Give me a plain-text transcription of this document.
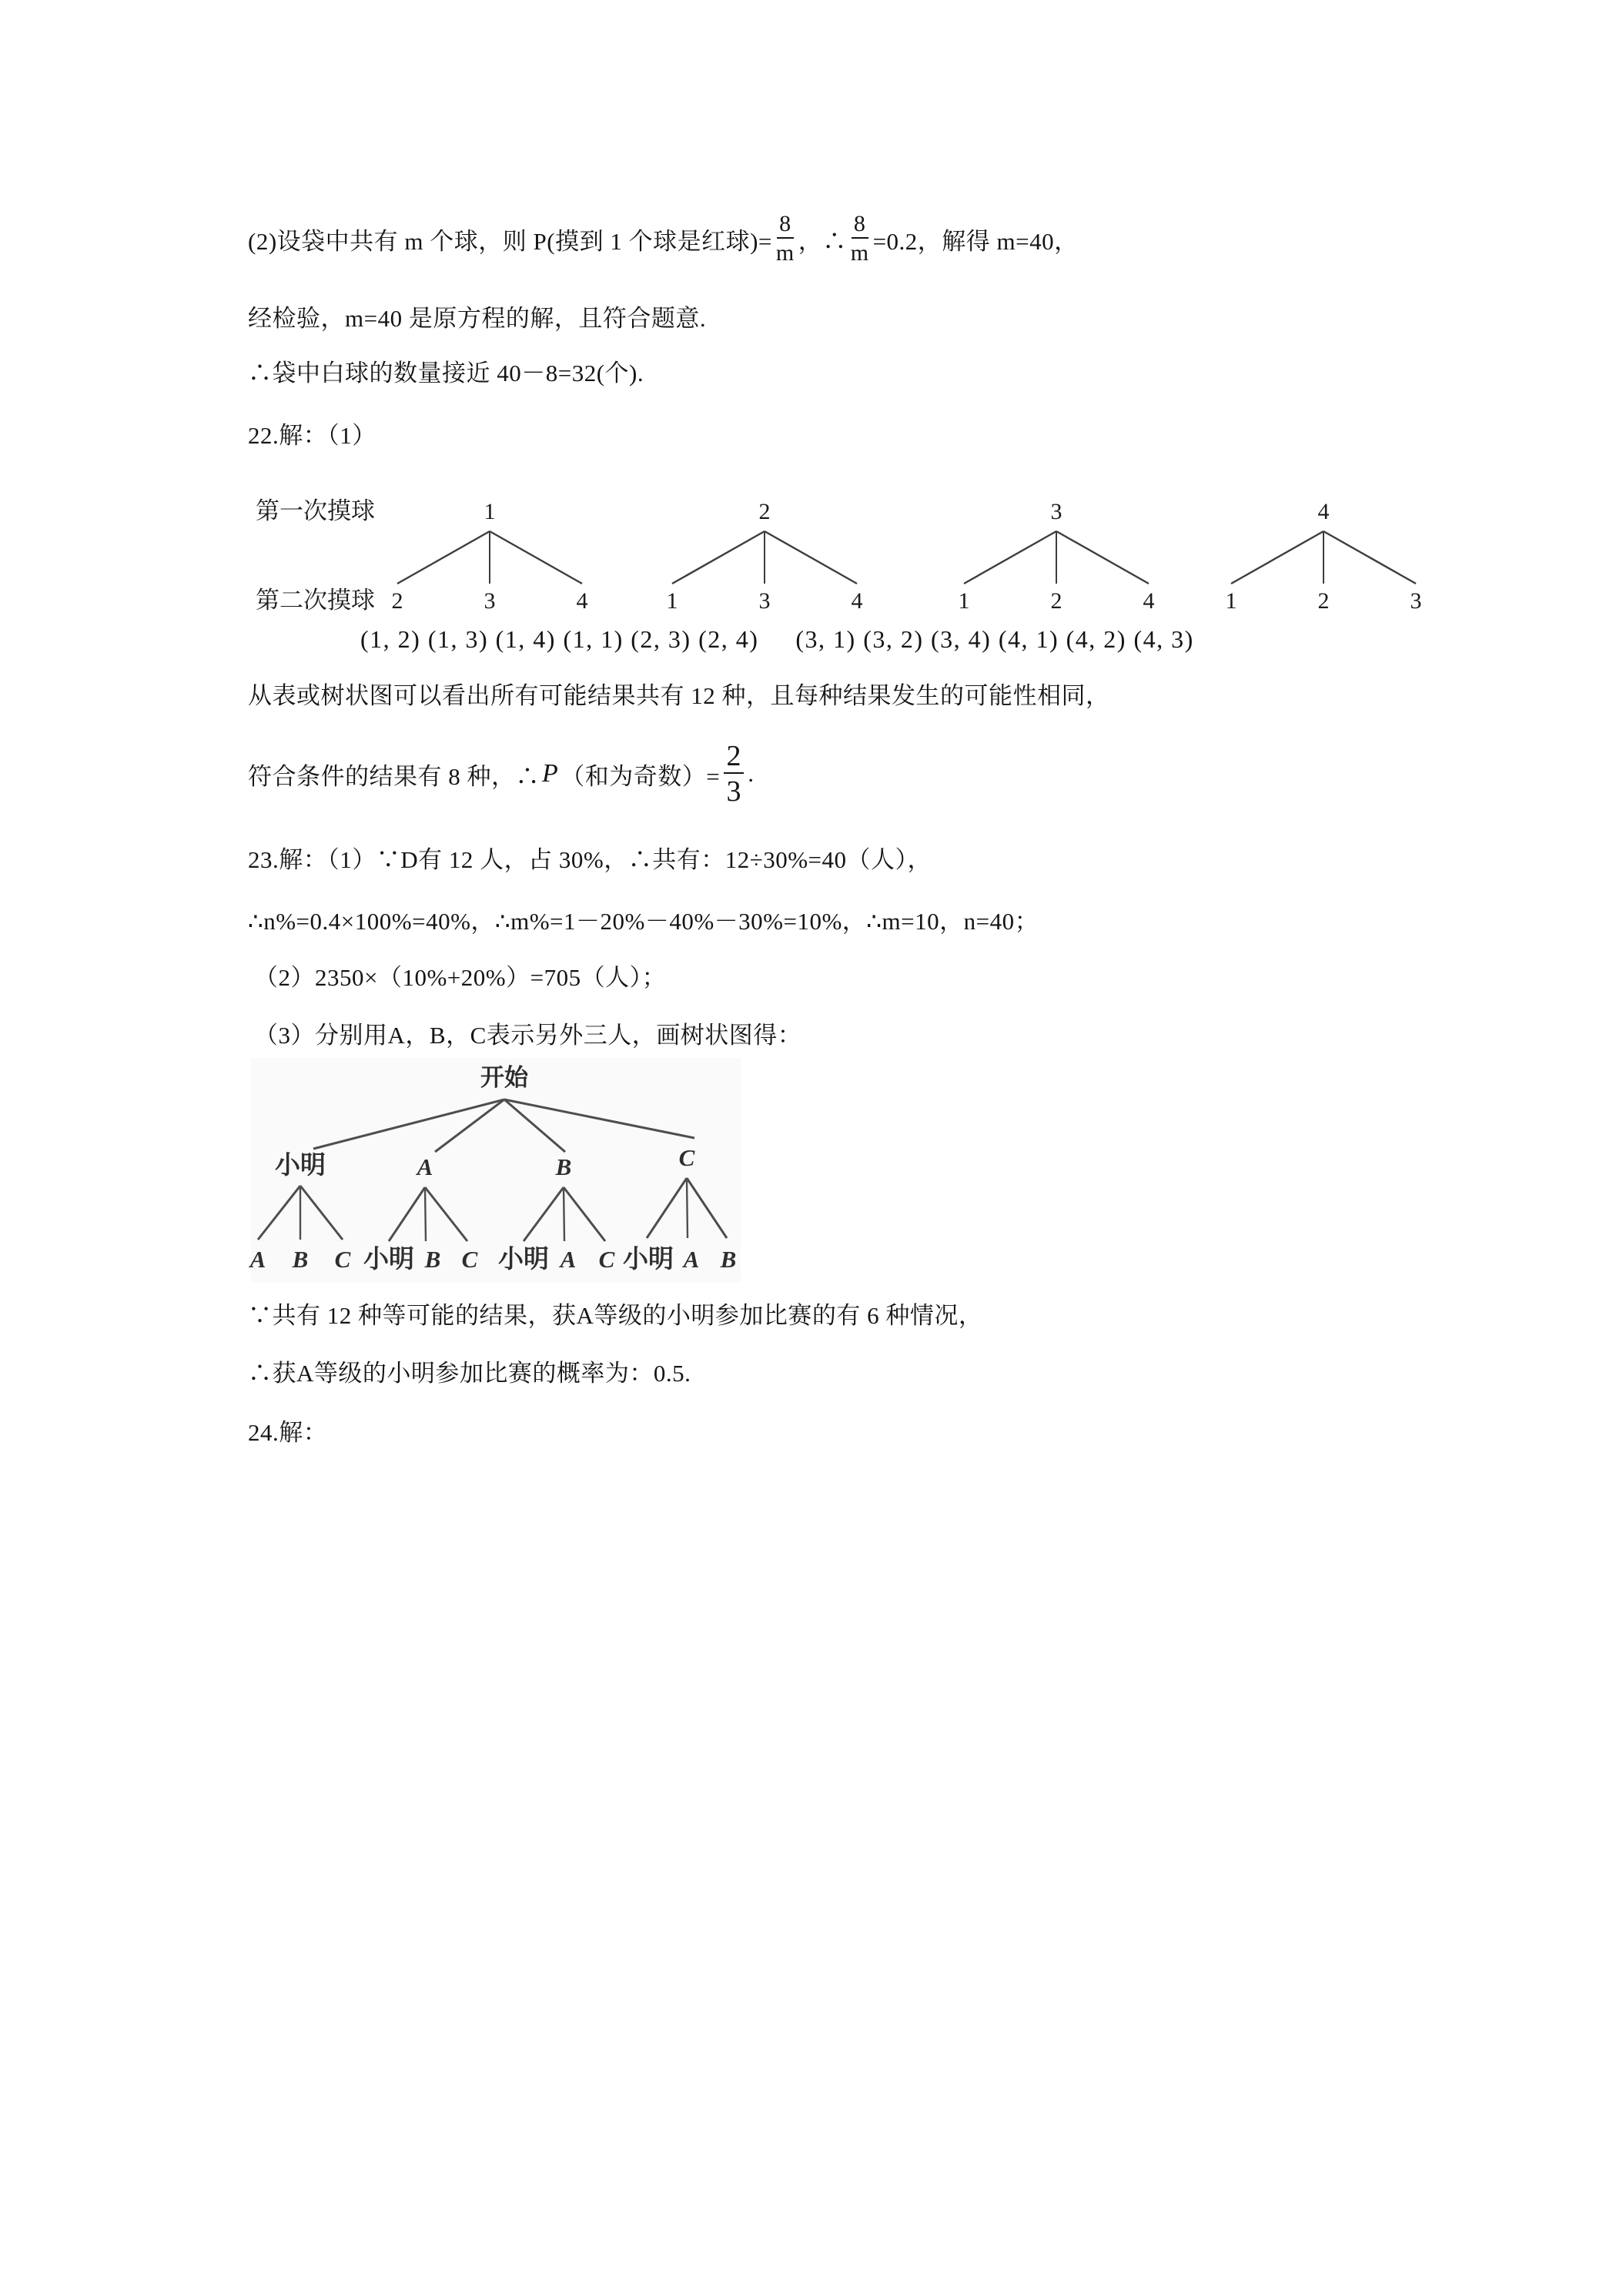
(2)设袋中共有 m 个球，则 P(摸到 1 个球是红球)= $\frac{8}{m}$ ，∴ $\frac{8}{m} =0.2$，解得 m=40，
经检验，m=40 是原方程的解，且符合题意.
∴袋中白球的数量接近 40－8=32(个).
22.解：（1）
第一次摸球
第二次摸球
1
2	3	4
2
1	3	4
3
1	2	4
4
1	2	3
(1, 2) (1, 3) (1, 4) (1, 1) (2, 3) (2, 4) (3, 1) (3, 2) (3, 4) (4, 1) (4, 2) (4, 3)
从表或树状图可以看出所有可能结果共有 12 种，且每种结果发生的可能性相同，
符合条件的结果有 8 种，∴ P （和为奇数）= $\frac{2}{3}$ .
23.解：（1）∵D有 12 人，占 30%，∴共有：12÷30%=40（人），
∴n%=0.4×100%=40%，∴m%=1－20%－40%－30%=10%，∴m=10，n=40；
（2）2350×（10%+20%）=705（人）；
（3）分别用A，B，C表示另外三人，画树状图得：
开始
小明	A	B	C
A B C 小明 B C 小明 A C 小明 A B
∵共有 12 种等可能的结果，获A等级的小明参加比赛的有 6 种情况，
∴获A等级的小明参加比赛的概率为：0.5.
24.解：
